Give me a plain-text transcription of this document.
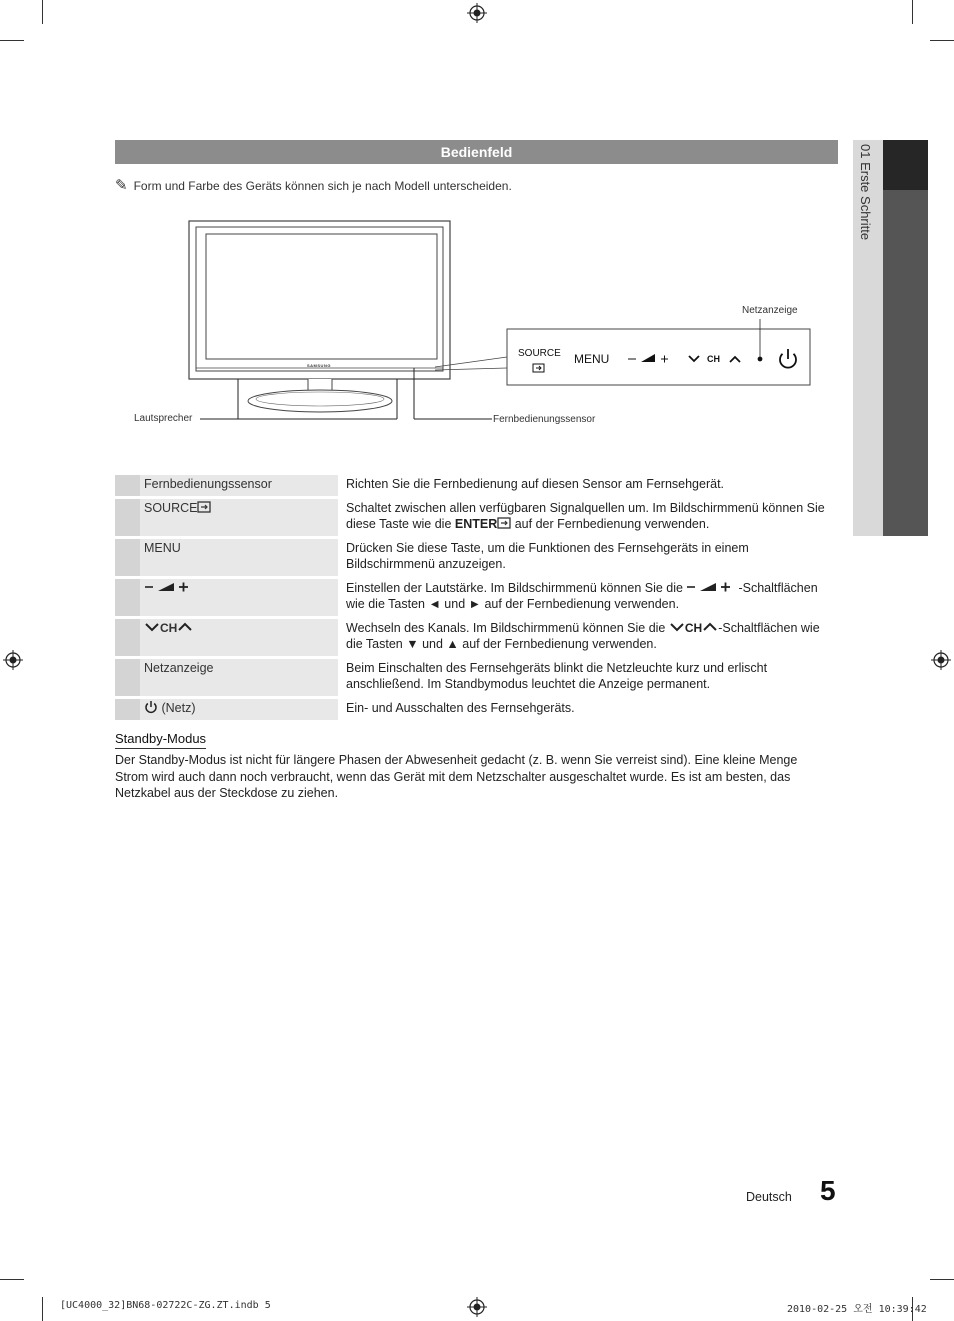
01 Erste Schritte
Bedienfeld
✎ Form und Farbe des Geräts können sich je nach Modell unterscheiden.
SAMSUNG
Lautsprecher	Fernbedienungssensor
Netzanzeige
SOURCE MENU	CH
	Fernbedienungssensor	Richten Sie die Fernbedienung auf diesen Sensor am Fernsehgerät.
	SOURCE	Schaltet zwischen allen verfügbaren Signalquellen um. Im Bildschirmmenü können Sie diese Taste wie die ENTER auf der Fernbedienung verwenden.
	MENU	Drücken Sie diese Taste, um die Funktionen des Fernsehgeräts in einem Bildschirmmenü anzuzeigen.
		Einstellen der Lautstärke. Im Bildschirmmenü können Sie die -Schaltflächen wie die Tasten ◄ und ► auf der Fernbedienung verwenden.
	CH	Wechseln des Kanals. Im Bildschirmmenü können Sie die CH -Schaltflächen wie die Tasten ▼ und ▲ auf der Fernbedienung verwenden.
	Netzanzeige	Beim Einschalten des Fernsehgeräts blinkt die Netzleuchte kurz und erlischt anschließend. Im Standbymodus leuchtet die Anzeige permanent.
	(Netz)	Ein- und Ausschalten des Fernsehgeräts.
Standby-Modus
Der Standby-Modus ist nicht für längere Phasen der Abwesenheit gedacht (z. B. wenn Sie verreist sind). Eine kleine Menge Strom wird auch dann noch verbraucht, wenn das Gerät mit dem Netzschalter ausgeschaltet wurde. Es ist am besten, das Netzkabel aus der Steckdose zu ziehen.
Deutsch 5
[UC4000_32]BN68-02722C-ZG.ZT.indb 5	2010-02-25 오전 10:39:42
